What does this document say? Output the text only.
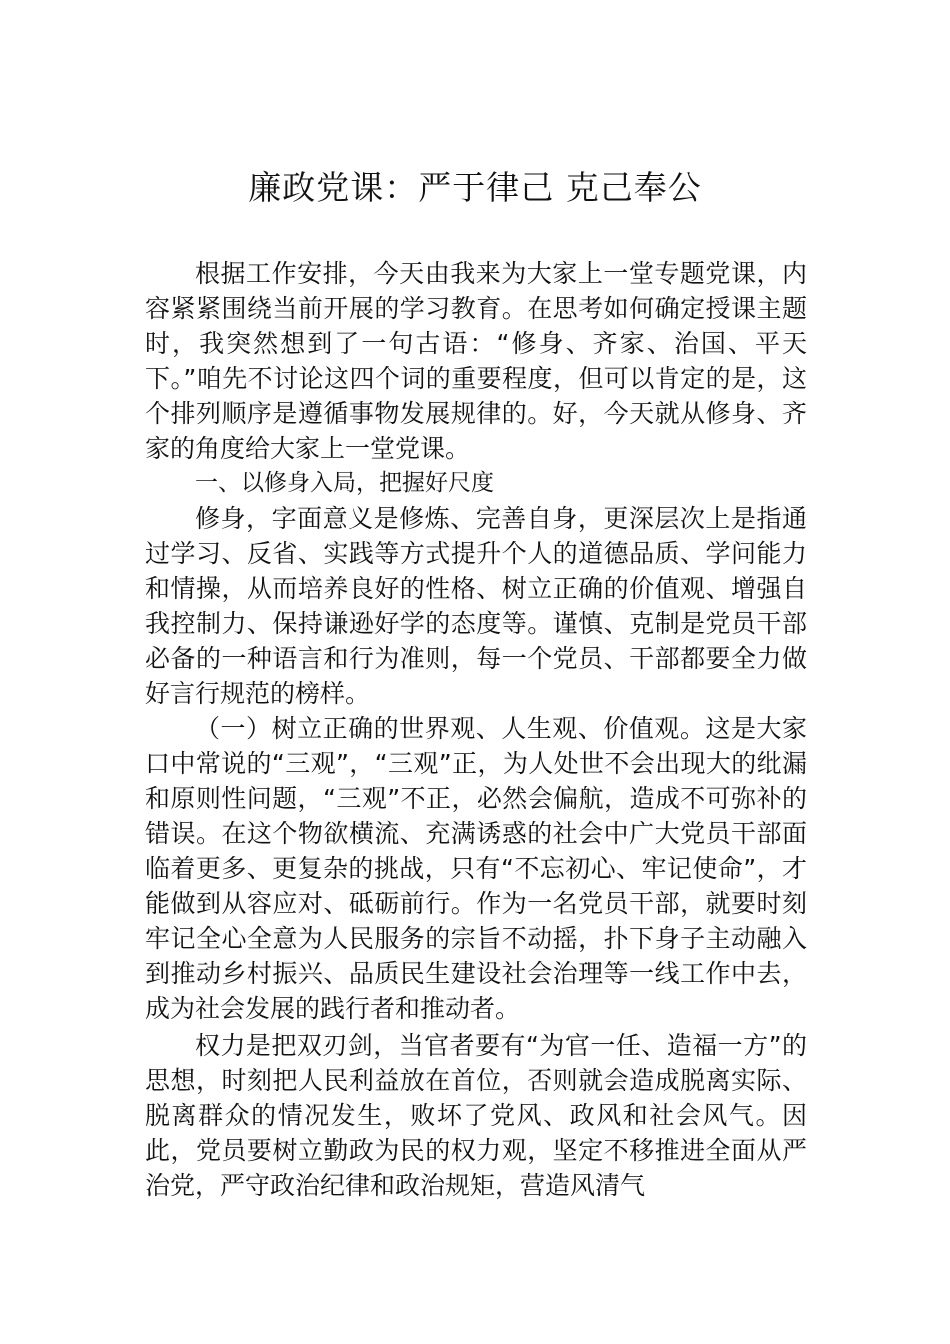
廉政党课：严于律己 克己奉公

根据工作安排，今天由我来为大家上一堂专题党课，内容紧紧围绕当前开展的学习教育。在思考如何确定授课主题时，我突然想到了一句古语：“修身、齐家、治国、平天下。”咱先不讨论这四个词的重要程度，但可以肯定的是，这个排列顺序是遵循事物发展规律的。好，今天就从修身、齐家的角度给大家上一堂党课。

一、以修身入局，把握好尺度

修身，字面意义是修炼、完善自身，更深层次上是指通过学习、反省、实践等方式提升个人的道德品质、学问能力和情操，从而培养良好的性格、树立正确的价值观、增强自我控制力、保持谦逊好学的态度等。谨慎、克制是党员干部必备的一种语言和行为准则，每一个党员、干部都要全力做好言行规范的榜样。

（一）树立正确的世界观、人生观、价值观。这是大家口中常说的“三观”，“三观”正，为人处世不会出现大的纰漏和原则性问题，“三观”不正，必然会偏航，造成不可弥补的错误。在这个物欲横流、充满诱惑的社会中广大党员干部面临着更多、更复杂的挑战，只有“不忘初心、牢记使命”，才能做到从容应对、砥砺前行。作为一名党员干部，就要时刻牢记全心全意为人民服务的宗旨不动摇，扑下身子主动融入到推动乡村振兴、品质民生建设社会治理等一线工作中去，成为社会发展的践行者和推动者。

权力是把双刃剑，当官者要有“为官一任、造福一方”的思想，时刻把人民利益放在首位，否则就会造成脱离实际、脱离群众的情况发生，败坏了党风、政风和社会风气。因此，党员要树立勤政为民的权力观，坚定不移推进全面从严治党，严守政治纪律和政治规矩，营造风清气
